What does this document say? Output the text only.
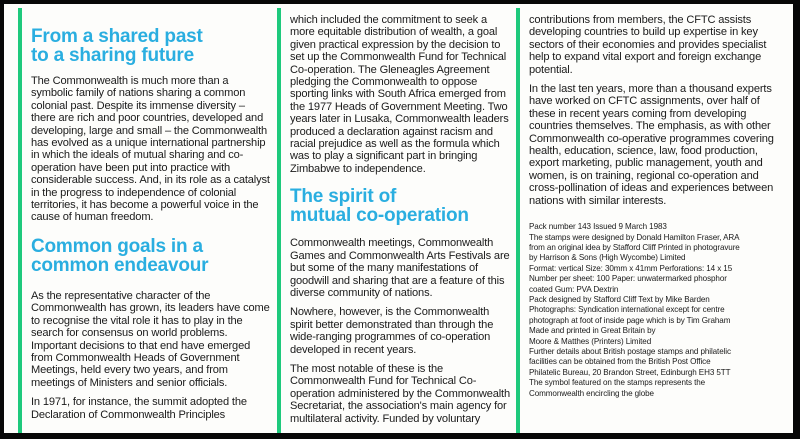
From a shared past
to a sharing future

The Commonwealth is much more than a symbolic family of nations sharing a common colonial past. Despite its immense diversity – there are rich and poor countries, developed and developing, large and small – the Commonwealth has evolved as a unique international partnership in which the ideals of mutual sharing and co-operation have been put into practice with considerable success. And, in its role as a catalyst in the progress to independence of colonial territories, it has become a powerful voice in the cause of human freedom.

Common goals in a
common endeavour

As the representative character of the Commonwealth has grown, its leaders have come to recognise the vital role it has to play in the search for consensus on world problems. Important decisions to that end have emerged from Commonwealth Heads of Government Meetings, held every two years, and from meetings of Ministers and senior officials.

In 1971, for instance, the summit adopted the Declaration of Commonwealth Principles

which included the commitment to seek a more equitable distribution of wealth, a goal given practical expression by the decision to set up the Commonwealth Fund for Technical Co-operation. The Gleneagles Agreement pledging the Commonwealth to oppose sporting links with South Africa emerged from the 1977 Heads of Government Meeting. Two years later in Lusaka, Commonwealth leaders produced a declaration against racism and racial prejudice as well as the formula which was to play a significant part in bringing Zimbabwe to independence.

The spirit of
mutual co-operation

Commonwealth meetings, Commonwealth Games and Commonwealth Arts Festivals are but some of the many manifestations of goodwill and sharing that are a feature of this diverse community of nations.

Nowhere, however, is the Commonwealth spirit better demonstrated than through the wide-ranging programmes of co-operation developed in recent years.

The most notable of these is the Commonwealth Fund for Technical Co-operation administered by the Commonwealth Secretariat, the association's main agency for multilateral activity. Funded by voluntary

contributions from members, the CFTC assists developing countries to build up expertise in key sectors of their economies and provides specialist help to expand vital export and foreign exchange potential.

In the last ten years, more than a thousand experts have worked on CFTC assignments, over half of these in recent years coming from developing countries themselves. The emphasis, as with other Commonwealth co-operative programmes covering health, education, science, law, food production, export marketing, public management, youth and women, is on training, regional co-operation and cross-pollination of ideas and experiences between nations with similar interests.

Pack number 143 Issued 9 March 1983
The stamps were designed by Donald Hamilton Fraser, ARA
from an original idea by Stafford Cliff Printed in photogravure
by Harrison & Sons (High Wycombe) Limited
Format: vertical Size: 30mm x 41mm Perforations: 14 x 15
Number per sheet: 100 Paper: unwatermarked phosphor
coated Gum: PVA Dextrin
Pack designed by Stafford Cliff Text by Mike Barden
Photographs: Syndication international except for centre
photograph at foot of inside page which is by Tim Graham
Made and printed in Great Britain by
Moore & Matthes (Printers) Limited
Further details about British postage stamps and philatelic
facilities can be obtained from the British Post Office
Philatelic Bureau, 20 Brandon Street, Edinburgh EH3 5TT
The symbol featured on the stamps represents the
Commonwealth encircling the globe
